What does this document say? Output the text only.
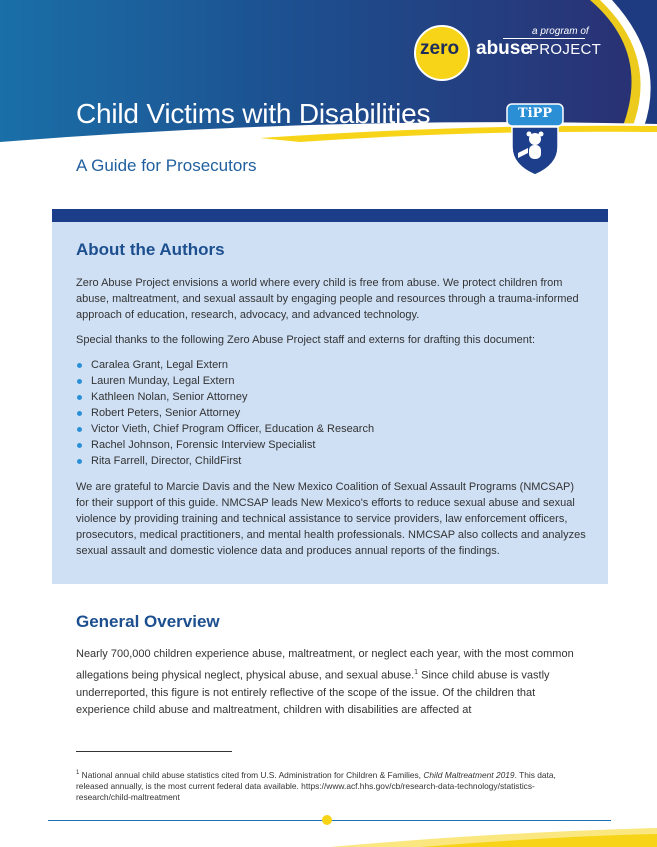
a program of
zero abuse
PROJECT
Child Victims with Disabilities	TiPP
A Guide for Prosecutors
About the Authors

Zero Abuse Project envisions a world where every child is free from abuse. We protect children from abuse, maltreatment, and sexual assault by engaging people and resources through a trauma-informed approach of education, research, advocacy, and advanced technology.

Special thanks to the following Zero Abuse Project staff and externs for drafting this document:

Caralea Grant, Legal Extern
Lauren Munday, Legal Extern
Kathleen Nolan, Senior Attorney
Robert Peters, Senior Attorney
Victor Vieth, Chief Program Officer, Education & Research
Rachel Johnson, Forensic Interview Specialist
Rita Farrell, Director, ChildFirst

We are grateful to Marcie Davis and the New Mexico Coalition of Sexual Assault Programs (NMCSAP) for their support of this guide. NMCSAP leads New Mexico's efforts to reduce sexual abuse and sexual violence by providing training and technical assistance to service providers, law enforcement officers, prosecutors, medical practitioners, and mental health professionals. NMCSAP also collects and analyzes sexual assault and domestic violence data and produces annual reports of the findings.

General Overview

Nearly 700,000 children experience abuse, maltreatment, or neglect each year, with the most common allegations being physical neglect, physical abuse, and sexual abuse.$^1$ Since child abuse is vastly underreported, this figure is not entirely reflective of the scope of the issue. Of the children that experience child abuse and maltreatment, children with disabilities are affected at

$^1$ National annual child abuse statistics cited from U.S. Administration for Children & Families, Child Maltreatment 2019. This data, released annually, is the most current federal data available. https://www.acf.hhs.gov/cb/research-data-technology/statistics-research/child-maltreatment
